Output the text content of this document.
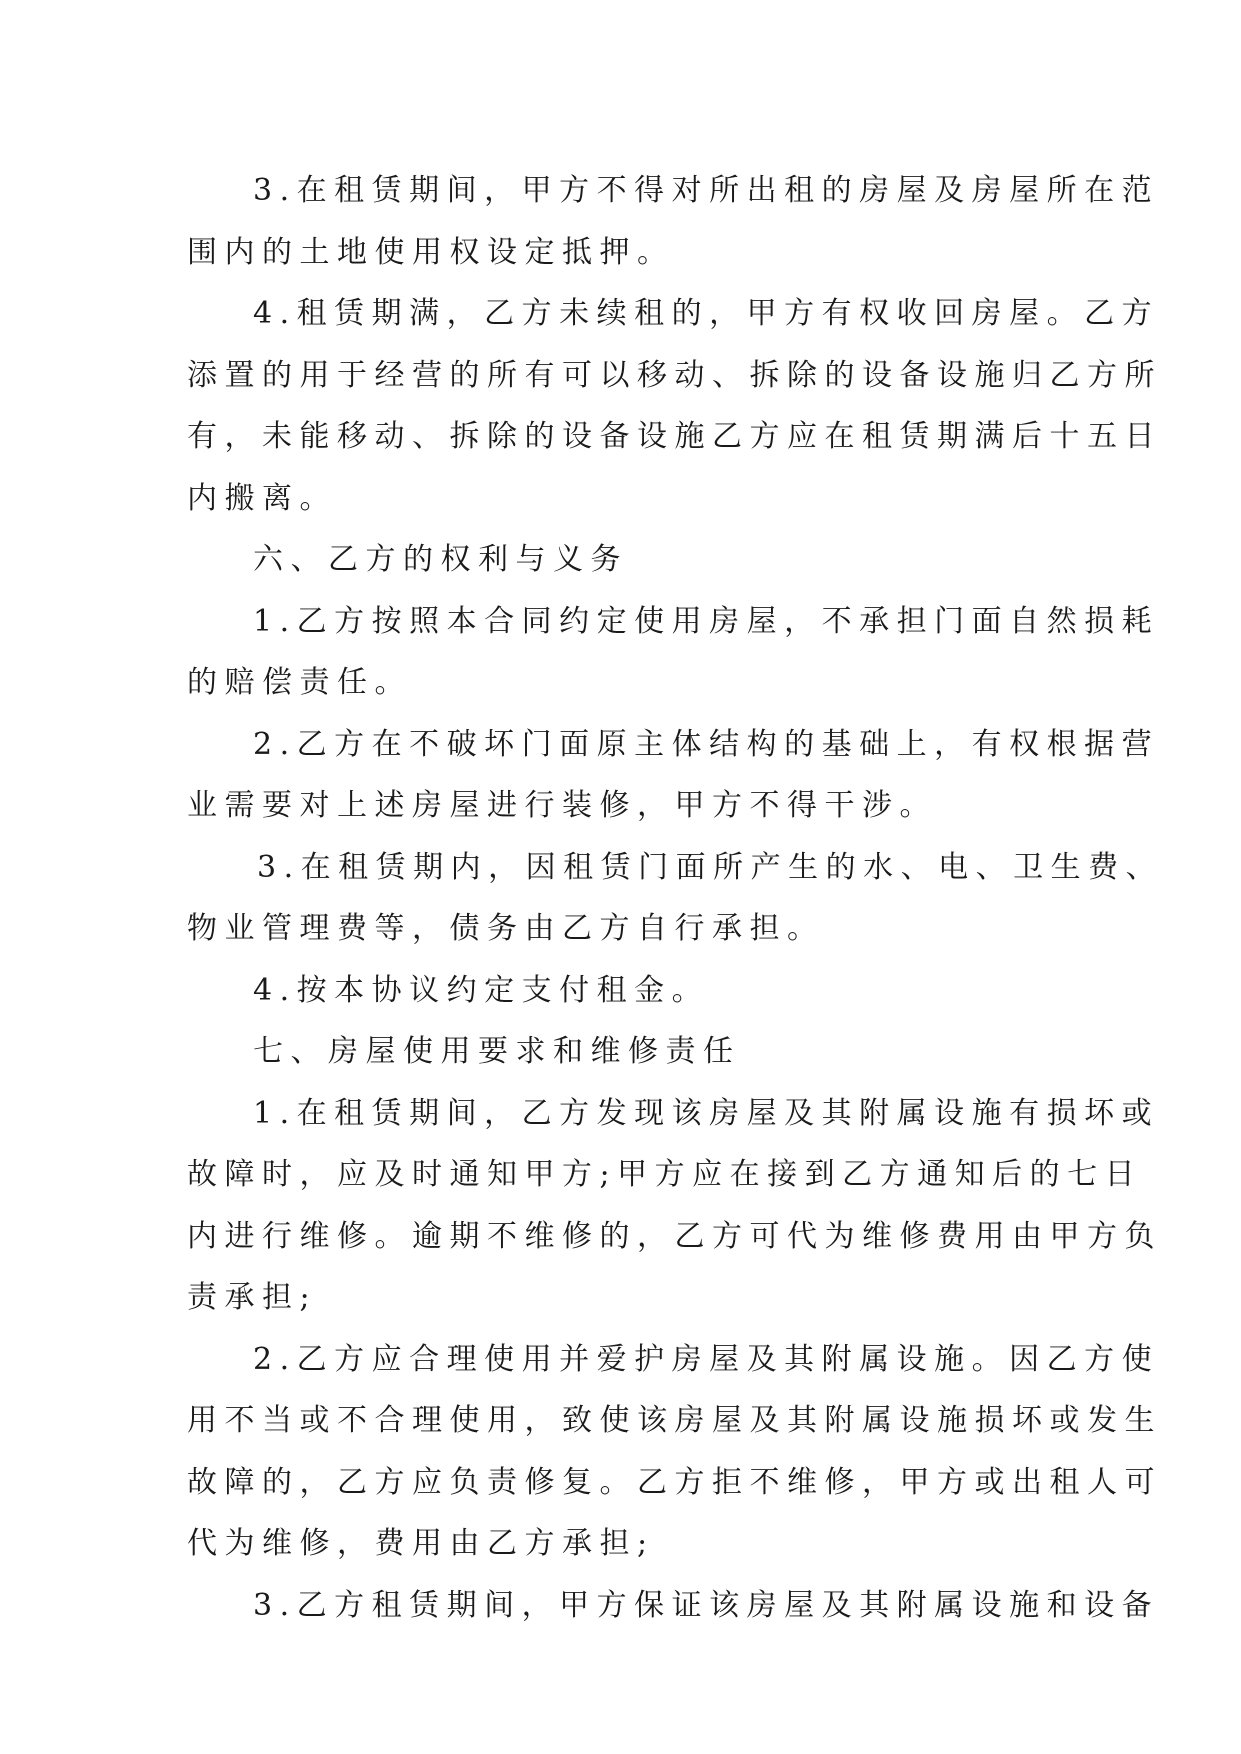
3.在租赁期间，甲方不得对所出租的房屋及房屋所在范
围内的土地使用权设定抵押。
4.租赁期满，乙方未续租的，甲方有权收回房屋。乙方
添置的用于经营的所有可以移动、拆除的设备设施归乙方所
有，未能移动、拆除的设备设施乙方应在租赁期满后十五日
内搬离。
六、乙方的权利与义务
1.乙方按照本合同约定使用房屋，不承担门面自然损耗
的赔偿责任。
2.乙方在不破坏门面原主体结构的基础上，有权根据营
业需要对上述房屋进行装修，甲方不得干涉。
3.在租赁期内，因租赁门面所产生的水、电、卫生费、
物业管理费等，债务由乙方自行承担。
4.按本协议约定支付租金。
七、房屋使用要求和维修责任
1.在租赁期间，乙方发现该房屋及其附属设施有损坏或
故障时，应及时通知甲方;甲方应在接到乙方通知后的七日
内进行维修。逾期不维修的，乙方可代为维修费用由甲方负
责承担;
2.乙方应合理使用并爱护房屋及其附属设施。因乙方使
用不当或不合理使用，致使该房屋及其附属设施损坏或发生
故障的，乙方应负责修复。乙方拒不维修，甲方或出租人可
代为维修，费用由乙方承担;
3.乙方租赁期间，甲方保证该房屋及其附属设施和设备
